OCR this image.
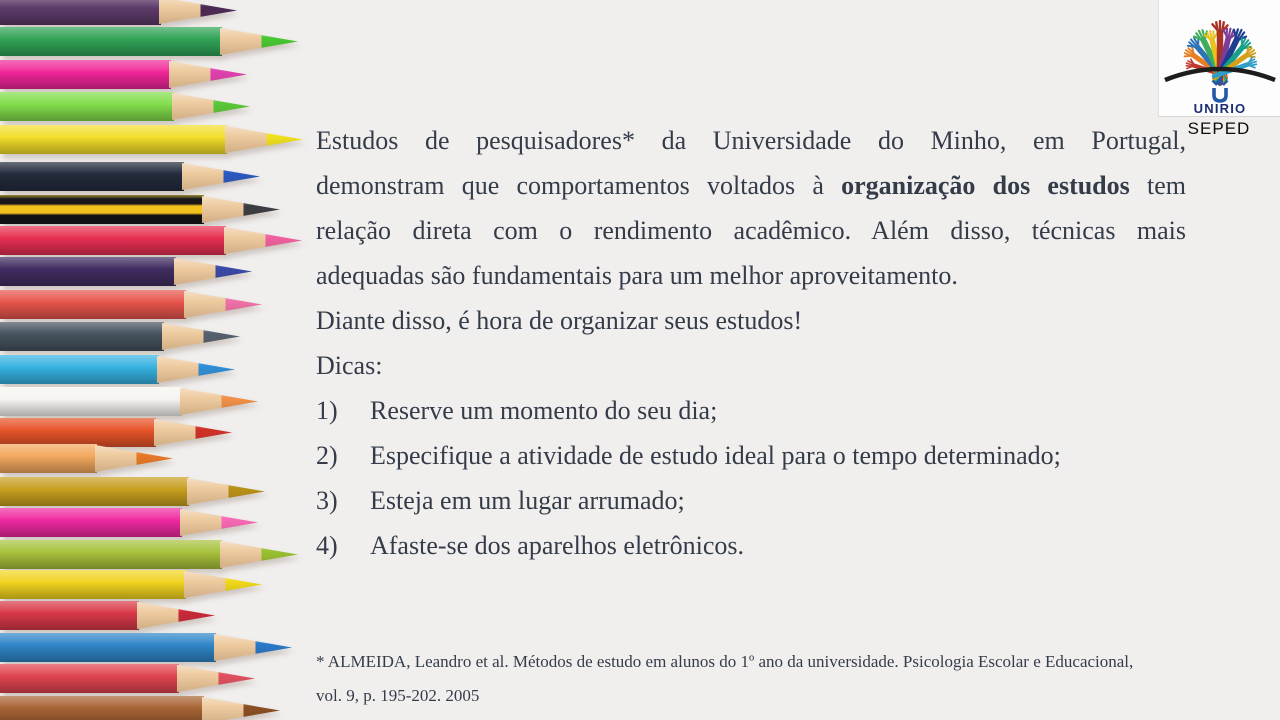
UNIRIO
SEPED
Estudos de pesquisadores* da Universidade do Minho, em Portugal,
demonstram que comportamentos voltados à organização dos estudos tem
relação direta com o rendimento acadêmico. Além disso, técnicas mais
adequadas são fundamentais para um melhor aproveitamento.
Diante disso, é hora de organizar seus estudos!
Dicas:
1) Reserve um momento do seu dia;
2) Especifique a atividade de estudo ideal para o tempo determinado;
3) Esteja em um lugar arrumado;
4) Afaste-se dos aparelhos eletrônicos.
* ALMEIDA, Leandro et al. Métodos de estudo em alunos do 1º ano da universidade. Psicologia Escolar e Educacional,
vol. 9, p. 195-202. 2005
